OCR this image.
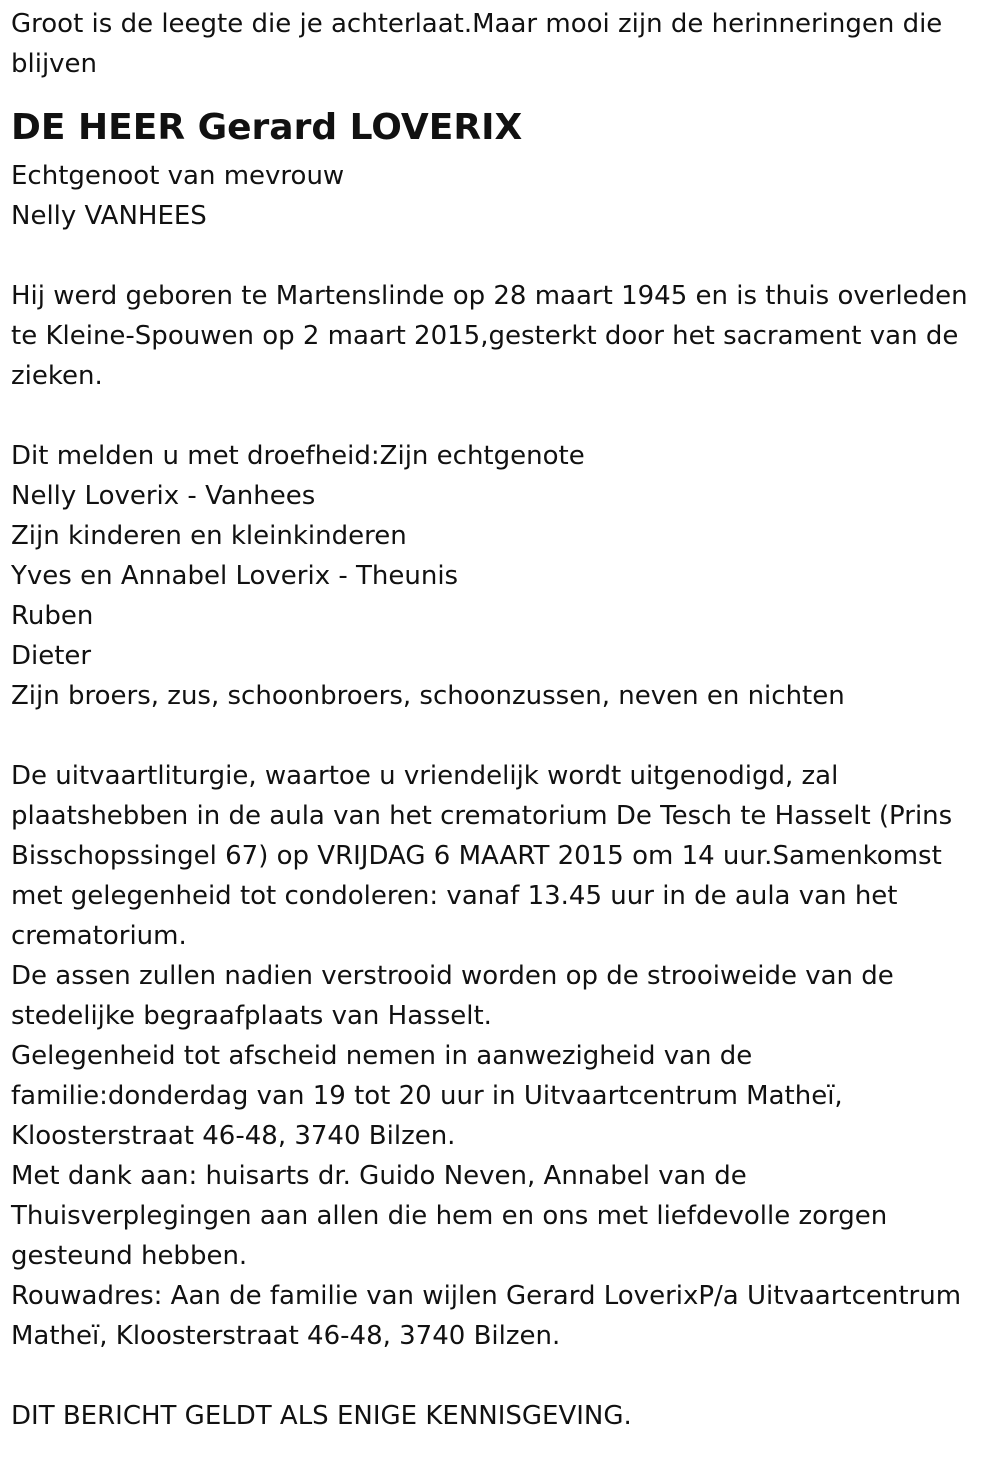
Groot is de leegte die je achterlaat.Maar mooi zijn de herinneringen die blijven

DE HEER Gerard LOVERIX

Echtgenoot van mevrouw

Nelly VANHEES

Hij werd geboren te Martenslinde op 28 maart 1945 en is thuis overleden te Kleine-Spouwen op 2 maart 2015,gesterkt door het sacrament van de zieken.

Dit melden u met droefheid:Zijn echtgenote

Nelly Loverix - Vanhees

Zijn kinderen en kleinkinderen

Yves en Annabel Loverix - Theunis

Ruben

Dieter

Zijn broers, zus, schoonbroers, schoonzussen, neven en nichten

De uitvaartliturgie, waartoe u vriendelijk wordt uitgenodigd, zal plaatshebben in de aula van het crematorium De Tesch te Hasselt (Prins Bisschopssingel 67) op VRIJDAG 6 MAART 2015 om 14 uur.Samenkomst met gelegenheid tot condoleren: vanaf 13.45 uur in de aula van het crematorium.

De assen zullen nadien verstrooid worden op de strooiweide van de stedelijke begraafplaats van Hasselt.

Gelegenheid tot afscheid nemen in aanwezigheid van de familie:donderdag van 19 tot 20 uur in Uitvaartcentrum Matheï, Kloosterstraat 46-48, 3740 Bilzen.

Met dank aan: huisarts dr. Guido Neven, Annabel van de Thuisverplegingen aan allen die hem en ons met liefdevolle zorgen gesteund hebben.

Rouwadres: Aan de familie van wijlen Gerard LoverixP/a Uitvaartcentrum Matheï, Kloosterstraat 46-48, 3740 Bilzen.

DIT BERICHT GELDT ALS ENIGE KENNISGEVING.
